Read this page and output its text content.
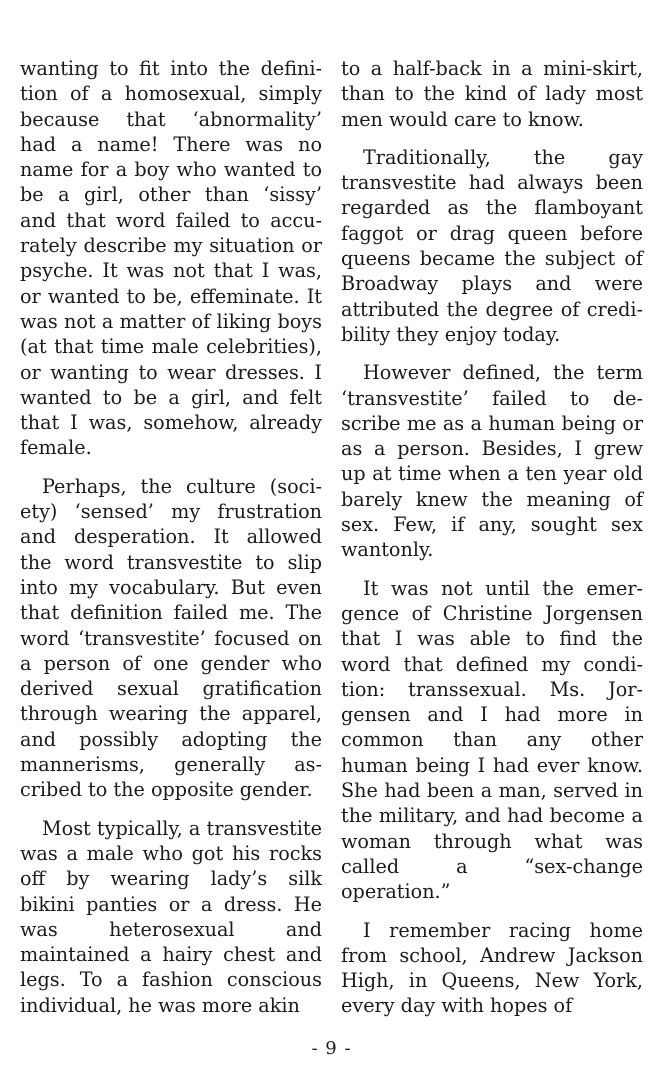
wanting to fit into the definition of a homosexual, simply because that ‘abnormality’ had a name! There was no name for a boy who wanted to be a girl, other than ‘sissy’ and that word failed to accurately describe my situation or psyche. It was not that I was, or wanted to be, effeminate. It was not a matter of liking boys (at that time male celebrities), or wanting to wear dresses. I wanted to be a girl, and felt that I was, somehow, already female.

Perhaps, the culture (society) ‘sensed’ my frustration and desperation. It allowed the word transvestite to slip into my vocabulary. But even that definition failed me. The word ‘transvestite’ focused on a person of one gender who derived sexual gratification through wearing the apparel, and possibly adopting the mannerisms, generally ascribed to the opposite gender.

Most typically, a transvestite was a male who got his rocks off by wearing lady’s silk bikini panties or a dress. He was heterosexual and maintained a hairy chest and legs. To a fashion conscious individual, he was more akin

to a half-back in a mini-skirt, than to the kind of lady most men would care to know.

Traditionally, the gay transvestite had always been regarded as the flamboyant faggot or drag queen before queens became the subject of Broadway plays and were attributed the degree of credibility they enjoy today.

However defined, the term ‘transvestite’ failed to describe me as a human being or as a person. Besides, I grew up at time when a ten year old barely knew the meaning of sex. Few, if any, sought sex wantonly.

It was not until the emergence of Christine Jorgensen that I was able to find the word that defined my condition: transsexual. Ms. Jorgensen and I had more in common than any other human being I had ever know. She had been a man, served in the military, and had become a woman through what was called a “sex-change operation.”

I remember racing home from school, Andrew Jackson High, in Queens, New York, every day with hopes of

- 9 -
